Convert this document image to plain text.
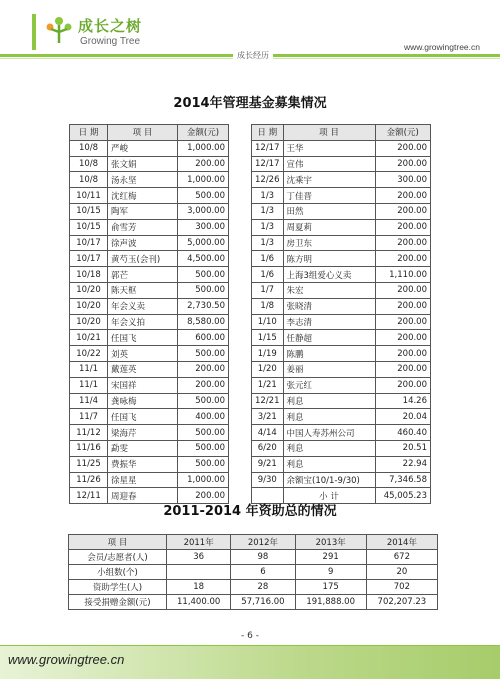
成长之树
Growing Tree	www.growingtree.cn
成长经历
2014年管理基金募集情况
日 期	项 目	金额(元)
10/8	严峻	1,000.00
10/8	张文娟	200.00
10/8	汤永坚	1,000.00
10/11	沈红梅	500.00
10/15	陶军	3,000.00
10/15	俞雪芳	300.00
10/17	徐声波	5,000.00
10/17	黄芍玉(会刊)	4,500.00
10/18	郭芒	500.00
10/20	陈天枢	500.00
10/20	年会义卖	2,730.50
10/20	年会义拍	8,580.00
10/21	任国飞	600.00
10/22	刘英	500.00
11/1	戴莲英	200.00
11/1	宋国祥	200.00
11/4	龚咏梅	500.00
11/7	任国飞	400.00
11/12	梁海芹	500.00
11/16	勐雯	500.00
11/25	费振华	500.00
11/26	徐星星	1,000.00
12/11	周迎春	200.00
日 期	项 目	金额(元)
12/17	王华	200.00
12/17	宣伟	200.00
12/26	沈乘宇	300.00
1/3	丁佳晋	200.00
1/3	田然	200.00
1/3	周夏莉	200.00
1/3	房卫东	200.00
1/6	陈方明	200.00
1/6	上海3组爱心义卖	1,110.00
1/7	朱宏	200.00
1/8	张晓清	200.00
1/10	李志清	200.00
1/15	任静超	200.00
1/19	陈鹏	200.00
1/20	姜丽	200.00
1/21	张元红	200.00
12/21	利息	14.26
3/21	利息	20.04
4/14	中国人寿苏州公司	460.40
6/20	利息	20.51
9/21	利息	22.94
9/30	余额宝(10/1-9/30)	7,346.58
	小 计	45,005.23
2011-2014 年资助总的情况
项 目	2011年	2012年	2013年	2014年
会员/志愿者(人)	36	98	291	672
小组数(个)		6	9	20
资助学生(人)	18	28	175	702
接受捐赠金额(元)	11,400.00	57,716.00	191,888.00	702,207.23
- 6 -
www.growingtree.cn
